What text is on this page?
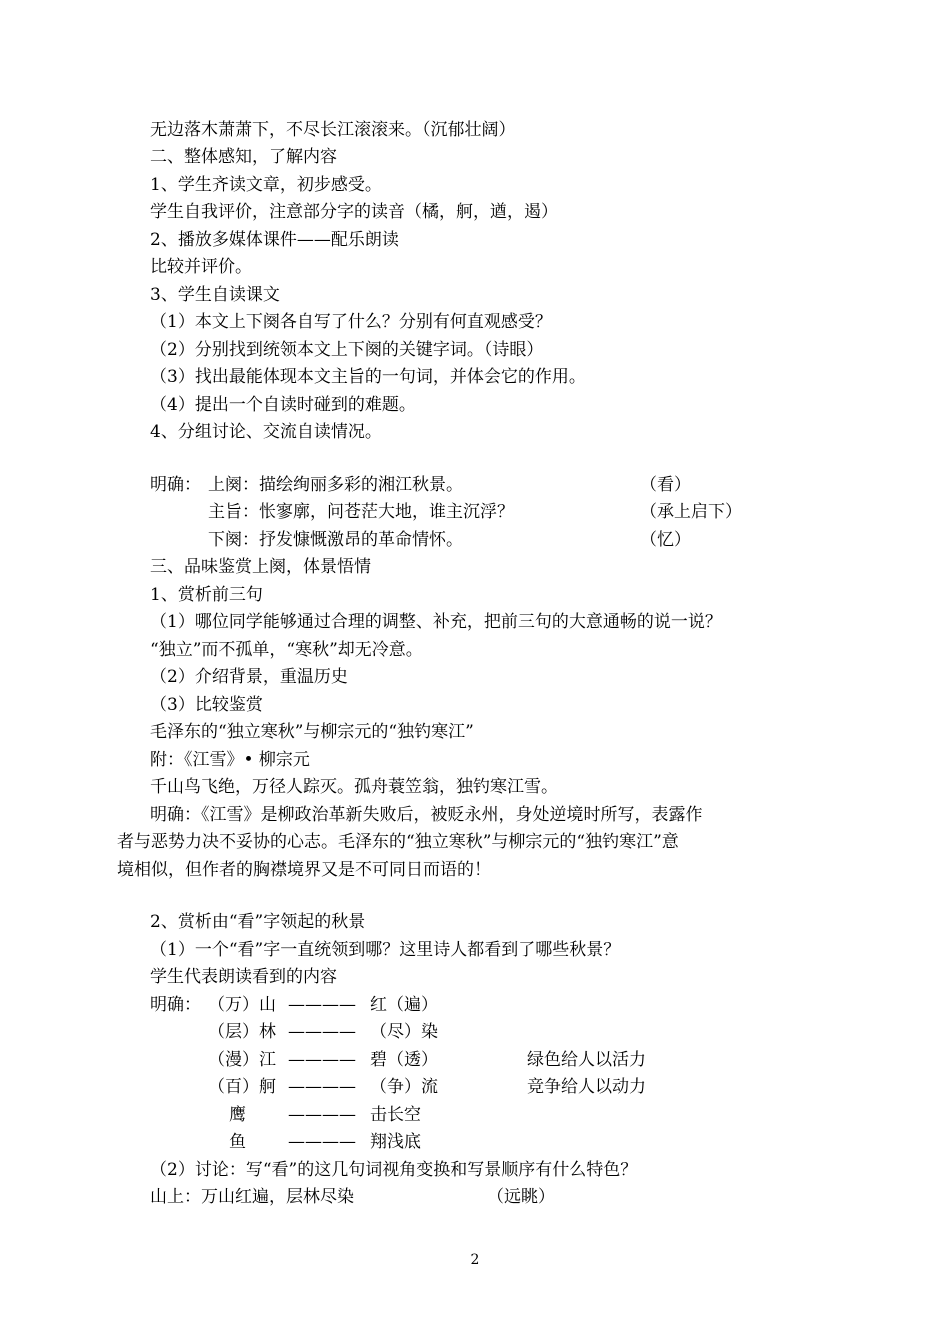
无边落木萧萧下，不尽长江滚滚来。（沉郁壮阔）
二、整体感知，了解内容
1、学生齐读文章，初步感受。
学生自我评价，注意部分字的读音（橘，舸，遒，遏）
2、播放多媒体课件——配乐朗读
比较并评价。
3、学生自读课文
（1）本文上下阕各自写了什么？分别有何直观感受？
（2）分别找到统领本文上下阕的关键字词。（诗眼）
（3）找出最能体现本文主旨的一句词，并体会它的作用。
（4）提出一个自读时碰到的难题。
4、分组讨论、交流自读情况。
明确： 上阕：描绘绚丽多彩的湘江秋景。	（看）
主旨：怅寥廓，问苍茫大地，谁主沉浮？	（承上启下）
下阕：抒发慷慨激昂的革命情怀。	（忆）
三、品味鉴赏上阕，体景悟情
1、赏析前三句
（1）哪位同学能够通过合理的调整、补充，把前三句的大意通畅的说一说？
“独立”而不孤单，“寒秋”却无冷意。
（2）介绍背景，重温历史
（3）比较鉴赏
毛泽东的“独立寒秋”与柳宗元的“独钓寒江”
附：《江雪》• 柳宗元
千山鸟飞绝，万径人踪灭。孤舟蓑笠翁，独钓寒江雪。
明确：《江雪》是柳政治革新失败后，被贬永州，身处逆境时所写，表露作
者与恶势力决不妥协的心志。毛泽东的“独立寒秋”与柳宗元的“独钓寒江”意
境相似，但作者的胸襟境界又是不可同日而语的！
2、赏析由“看”字领起的秋景
（1）一个“看”字一直统领到哪？这里诗人都看到了哪些秋景？
学生代表朗读看到的内容
明确： （万）山 ———— 红（遍）
（层）林 ———— （尽）染
（漫）江 ———— 碧（透）	绿色给人以活力
（百）舸 ———— （争）流	竞争给人以动力
鹰 ———— 击长空
鱼 ———— 翔浅底
（2）讨论：写“看”的这几句词视角变换和写景顺序有什么特色？
山上：万山红遍，层林尽染	（远眺）
2
